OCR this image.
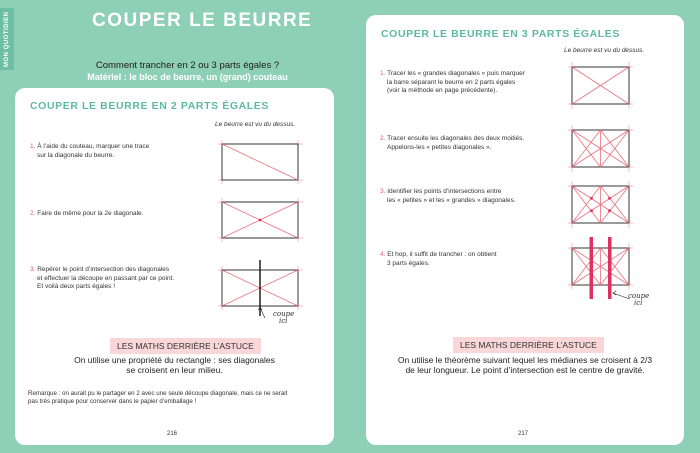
MON QUOTIDIEN	COUPER LE BEURRE
Comment trancher en 2 ou 3 parts égales ?
Matériel : le bloc de beurre, un (grand) couteau
COUPER LE BEURRE EN 2 PARTS ÉGALES
Le beurre est vu du dessus.
1. À l’aide du couteau, marquer une trace
sur la diagonale du beurre.
2. Faire de même pour la 2e diagonale.
3. Repérer le point d’intersection des diagonales
et effectuer la découpe en passant par ce point.
Et voilà deux parts égales !
coupe
ici
LES MATHS DERRIÈRE L’ASTUCE
On utilise une propriété du rectangle : ses diagonales
se croisent en leur milieu.
Remarque : on aurait pu le partager en 2 avec une seule découpe diagonale, mais ce ne serait
pas très pratique pour conserver dans le papier d’emballage !
216
COUPER LE BEURRE EN 3 PARTS ÉGALES
Le beurre est vu du dessus.
1. Tracer les « grandes diagonales » puis marquer
la barre séparant le beurre en 2 parts égales
(voir la méthode en page précédente).
2. Tracer ensuite les diagonales des deux moitiés.
Appelons-les « petites diagonales ».
3. Identifier les points d’intersections entre
les « petites » et les « grandes » diagonales.
4. Et hop, il suffit de trancher : on obtient
3 parts égales.
coupe
ici
LES MATHS DERRIÈRE L’ASTUCE
On utilise le théorème suivant lequel les médianes se croisent à 2/3
de leur longueur. Le point d’intersection est le centre de gravité.
217
